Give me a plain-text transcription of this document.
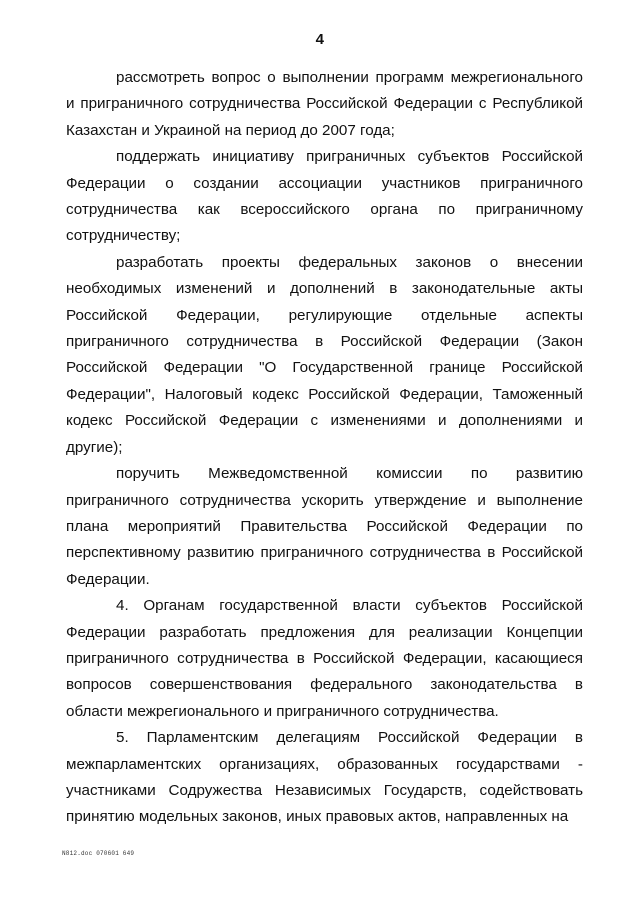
4

рассмотреть вопрос о выполнении программ межрегионального и приграничного сотрудничества Российской Федерации с Республикой Казахстан и Украиной на период до 2007 года;

поддержать инициативу приграничных субъектов Российской Федерации о создании ассоциации участников приграничного сотрудничества как всероссийского органа по приграничному сотрудничеству;

разработать проекты федеральных законов о внесении необходимых изменений и дополнений в законодательные акты Российской Федерации, регулирующие отдельные аспекты приграничного сотрудничества в Российской Федерации (Закон Российской Федерации "О Государственной границе Российской Федерации", Налоговый кодекс Российской Федерации, Таможенный кодекс Российской Федерации с изменениями и дополнениями и другие);

поручить Межведомственной комиссии по развитию приграничного сотрудничества ускорить утверждение и выполнение плана мероприятий Правительства Российской Федерации по перспективному развитию приграничного сотрудничества в Российской Федерации.

4. Органам государственной власти субъектов Российской Федерации разработать предложения для реализации Концепции приграничного сотрудничества в Российской Федерации, касающиеся вопросов совершенствования федерального законодательства в области межрегионального и приграничного сотрудничества.

5. Парламентским делегациям Российской Федерации в межпарламентских организациях, образованных государствами - участниками Содружества Независимых Государств, содействовать принятию модельных законов, иных правовых актов, направленных на

N812.doc 070601 649
